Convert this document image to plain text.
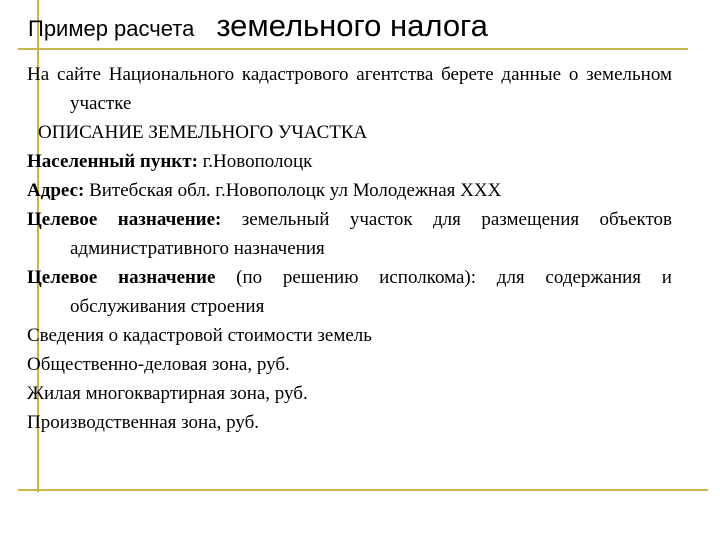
Пример расчета земельного налога

На сайте Национального кадастрового агентства берете данные о земельном участке

ОПИСАНИЕ ЗЕМЕЛЬНОГО УЧАСТКА

Населенный пункт: г.Новополоцк

Адрес: Витебская обл. г.Новополоцк ул Молодежная ХХХ

Целевое назначение: земельный участок для размещения объектов административного назначения

Целевое назначение (по решению исполкома): для содержания и обслуживания строения

Сведения о кадастровой стоимости земель

Общественно-деловая зона, руб.

Жилая многоквартирная зона, руб.

Производственная зона, руб.
